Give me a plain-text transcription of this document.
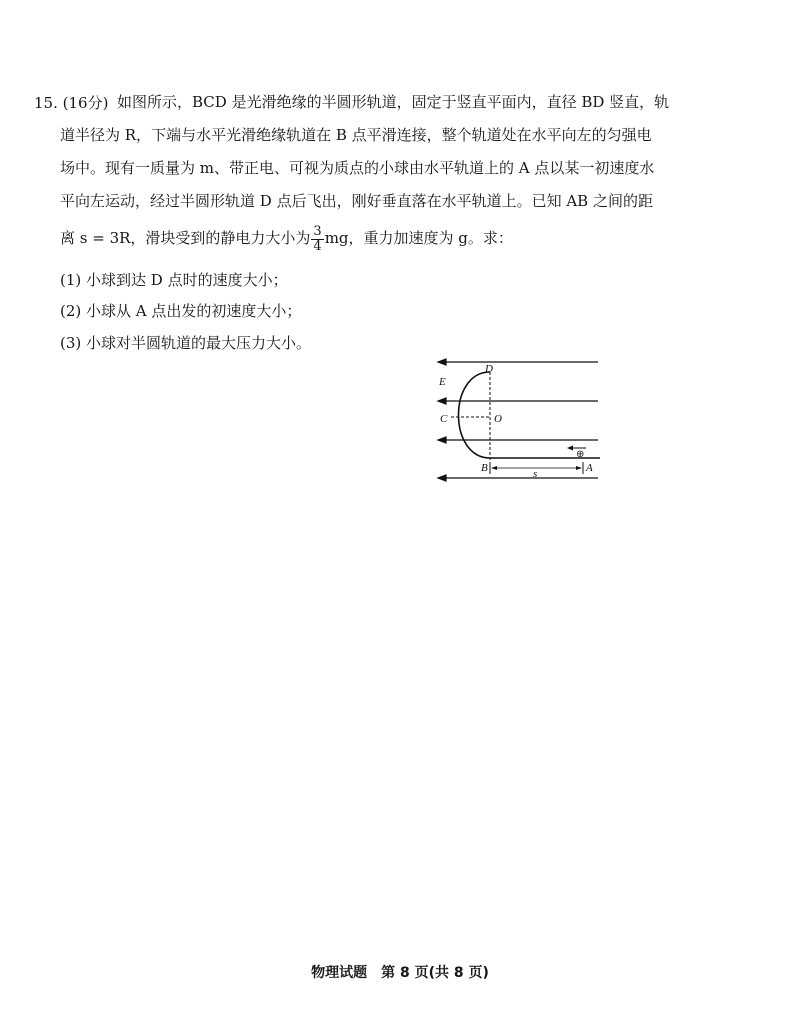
15. (16分) 如图所示，BCD 是光滑绝缘的半圆形轨道，固定于竖直平面内，直径 BD 竖直，轨
道半径为 R，下端与水平光滑绝缘轨道在 B 点平滑连接，整个轨道处在水平向左的匀强电
场中。现有一质量为 m、带正电、可视为质点的小球由水平轨道上的 A 点以某一初速度水
平向左运动，经过半圆形轨道 D 点后飞出，刚好垂直落在水平轨道上。已知 AB 之间的距
离 s = 3R，滑块受到的静电力大小为 $\frac{3}{4}$ mg，重力加速度为 g。求：
(1) 小球到达 D 点时的速度大小；
(2) 小球从 A 点出发的初速度大小；
(3) 小球对半圆轨道的最大压力大小。
E
D
C	O
B	A
s
⊕
物理试题　第 8 页(共 8 页)
